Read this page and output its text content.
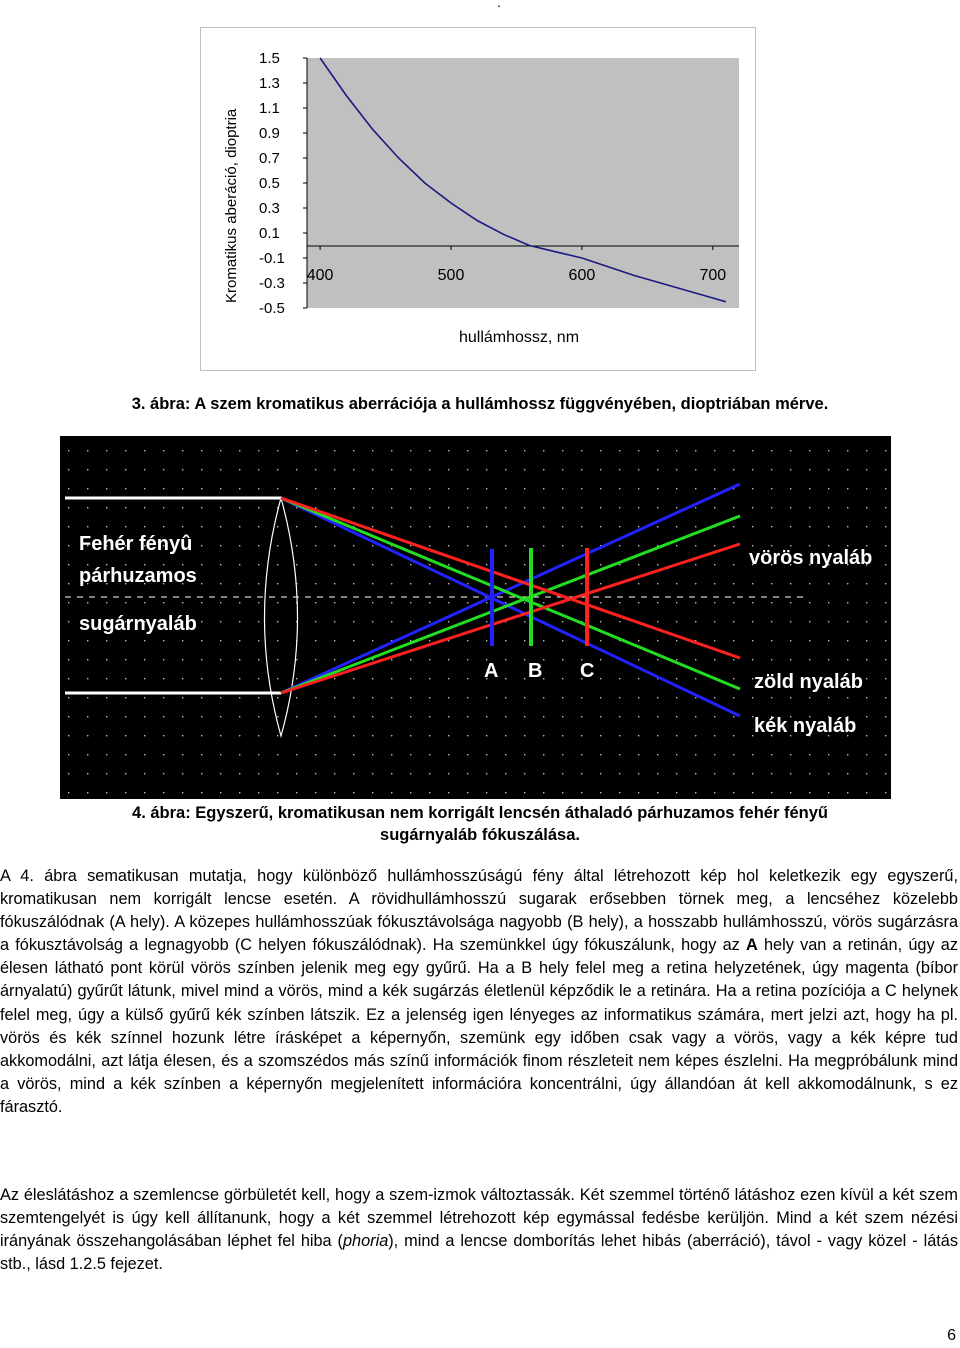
.
1.5
1.3
1.1
0.9
0.7
0.5
0.3
0.1
-0.1
-0.3
-0.5
400	500	600	700
Kromatikus aberáció, dioptria
hullámhossz, nm
3. ábra: A szem kromatikus aberrációja a hullámhossz függvényében, dioptriában mérve.
Fehér fényû
párhuzamos
sugárnyaláb
vörös nyaláb
zöld nyaláb
kék nyaláb
A B C
4. ábra: Egyszerű, kromatikusan nem korrigált lencsén áthaladó párhuzamos fehér fényű
sugárnyaláb fókuszálása.

A 4. ábra sematikusan mutatja, hogy különböző hullámhosszúságú fény által létrehozott kép hol keletkezik egy egyszerű, kromatikusan nem korrigált lencse esetén. A rövidhullámhosszú sugarak erősebben törnek meg, a lencséhez közelebb fókuszálódnak (A hely). A közepes hullámhosszúak fókusztávolsága nagyobb (B hely), a hosszabb hullámhosszú, vörös sugárzásra a fókusztávolság a legnagyobb (C helyen fókuszálódnak). Ha szemünkkel úgy fókuszálunk, hogy az A hely van a retinán, úgy az élesen látható pont körül vörös színben jelenik meg egy gyűrű. Ha a B hely felel meg a retina helyzetének, úgy magenta (bíbor árnyalatú) gyűrűt látunk, mivel mind a vörös, mind a kék sugárzás életlenül képződik le a retinára. Ha a retina pozíciója a C helynek felel meg, úgy a külső gyűrű kék színben látszik. Ez a jelenség igen lényeges az informatikus számára, mert jelzi azt, hogy ha pl. vörös és kék színnel hozunk létre írásképet a képernyőn, szemünk egy időben csak vagy a vörös, vagy a kék képre tud akkomodálni, azt látja élesen, és a szomszédos más színű információk finom részleteit nem képes észlelni. Ha megpróbálunk mind a vörös, mind a kék színben a képernyőn megjelenített információra koncentrálni, úgy állandóan át kell akkomodálnunk, s ez fárasztó.

Az éleslátáshoz a szemlencse görbületét kell, hogy a szem-izmok változtassák. Két szemmel történő látáshoz ezen kívül a két szem szemtengelyét is úgy kell állítanunk, hogy a két szemmel létrehozott kép egymással fedésbe kerüljön. Mind a két szem nézési irányának összehangolásában léphet fel hiba (phoria), mind a lencse domborítás lehet hibás (aberráció), távol - vagy közel - látás stb., lásd 1.2.5 fejezet.

6
